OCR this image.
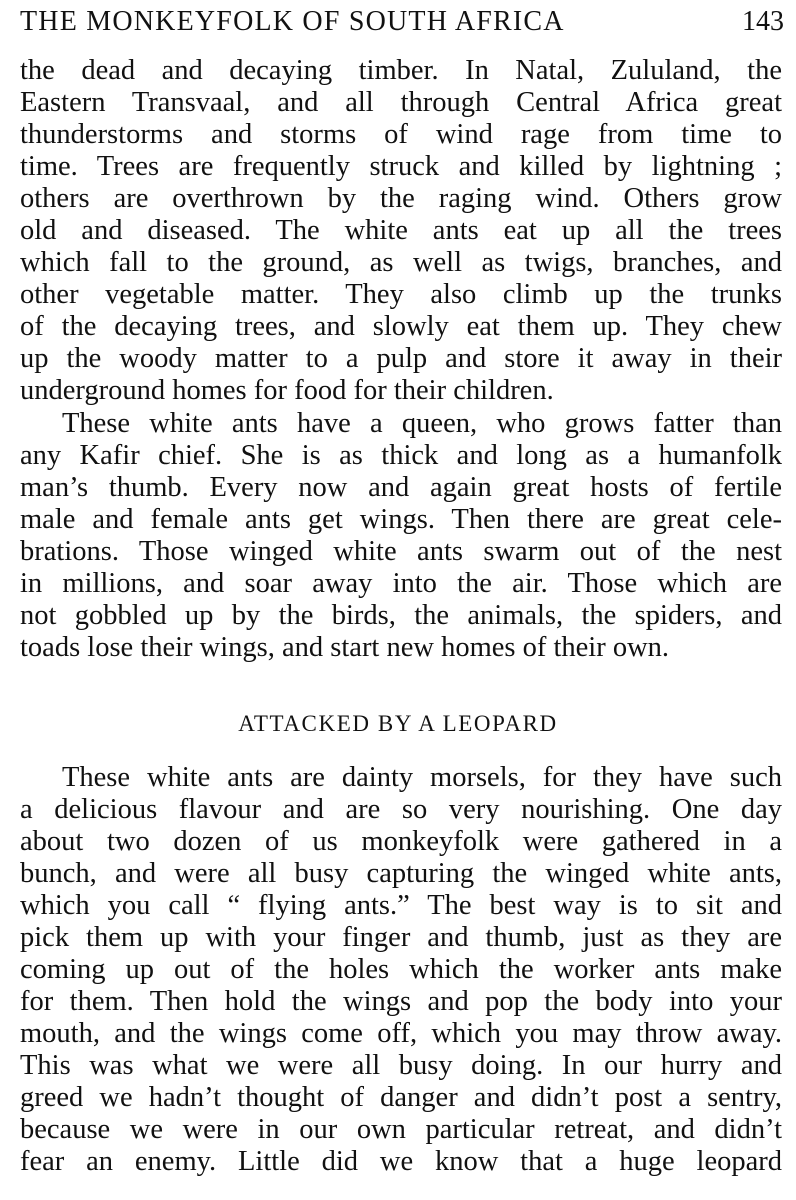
THE MONKEYFOLK OF SOUTH AFRICA	143
the dead and decaying timber. In Natal, Zululand, the
Eastern Transvaal, and all through Central Africa great
thunderstorms and storms of wind rage from time to
time. Trees are frequently struck and killed by lightning ;
others are overthrown by the raging wind. Others grow
old and diseased. The white ants eat up all the trees
which fall to the ground, as well as twigs, branches, and
other vegetable matter. They also climb up the trunks
of the decaying trees, and slowly eat them up. They chew
up the woody matter to a pulp and store it away in their
underground homes for food for their children.
These white ants have a queen, who grows fatter than
any Kafir chief. She is as thick and long as a humanfolk
man’s thumb. Every now and again great hosts of fertile
male and female ants get wings. Then there are great cele-
brations. Those winged white ants swarm out of the nest
in millions, and soar away into the air. Those which are
not gobbled up by the birds, the animals, the spiders, and
toads lose their wings, and start new homes of their own.
ATTACKED BY A LEOPARD
These white ants are dainty morsels, for they have such
a delicious flavour and are so very nourishing. One day
about two dozen of us monkeyfolk were gathered in a
bunch, and were all busy capturing the winged white ants,
which you call “ flying ants.” The best way is to sit and
pick them up with your finger and thumb, just as they are
coming up out of the holes which the worker ants make
for them. Then hold the wings and pop the body into your
mouth, and the wings come off, which you may throw away.
This was what we were all busy doing. In our hurry and
greed we hadn’t thought of danger and didn’t post a sentry,
because we were in our own particular retreat, and didn’t
fear an enemy. Little did we know that a huge leopard
